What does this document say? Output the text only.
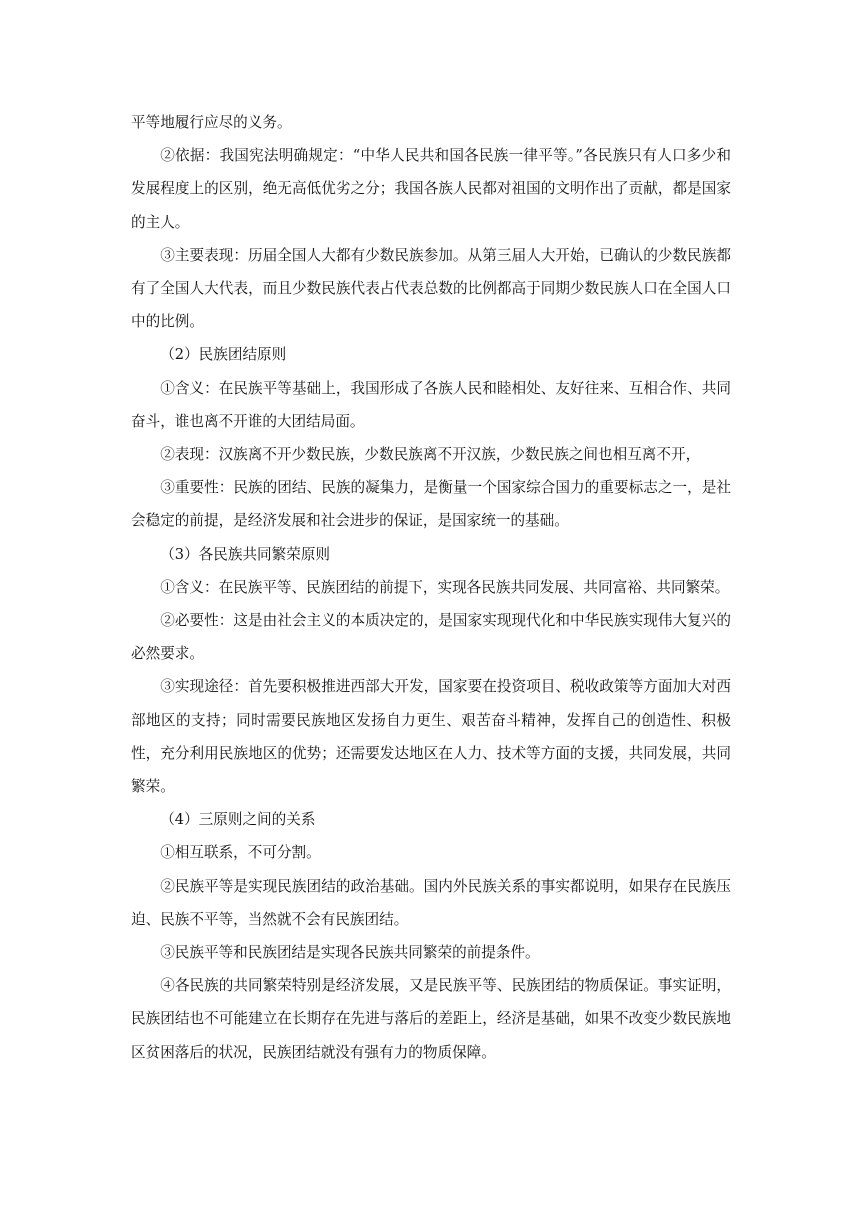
平等地履行应尽的义务。

②依据：我国宪法明确规定：“中华人民共和国各民族一律平等。”各民族只有人口多少和发展程度上的区别，绝无高低优劣之分；我国各族人民都对祖国的文明作出了贡献，都是国家的主人。

③主要表现：历届全国人大都有少数民族参加。从第三届人大开始，已确认的少数民族都有了全国人大代表，而且少数民族代表占代表总数的比例都高于同期少数民族人口在全国人口中的比例。

（2）民族团结原则

①含义：在民族平等基础上，我国形成了各族人民和睦相处、友好往来、互相合作、共同奋斗，谁也离不开谁的大团结局面。

②表现：汉族离不开少数民族，少数民族离不开汉族，少数民族之间也相互离不开，

③重要性：民族的团结、民族的凝集力，是衡量一个国家综合国力的重要标志之一，是社会稳定的前提，是经济发展和社会进步的保证，是国家统一的基础。

（3）各民族共同繁荣原则

①含义：在民族平等、民族团结的前提下，实现各民族共同发展、共同富裕、共同繁荣。

②必要性：这是由社会主义的本质决定的，是国家实现现代化和中华民族实现伟大复兴的必然要求。

③实现途径：首先要积极推进西部大开发，国家要在投资项目、税收政策等方面加大对西部地区的支持；同时需要民族地区发扬自力更生、艰苦奋斗精神，发挥自己的创造性、积极性，充分利用民族地区的优势；还需要发达地区在人力、技术等方面的支援，共同发展，共同繁荣。

（4）三原则之间的关系

①相互联系，不可分割。

②民族平等是实现民族团结的政治基础。国内外民族关系的事实都说明，如果存在民族压迫、民族不平等，当然就不会有民族团结。

③民族平等和民族团结是实现各民族共同繁荣的前提条件。

④各民族的共同繁荣特别是经济发展，又是民族平等、民族团结的物质保证。事实证明，民族团结也不可能建立在长期存在先进与落后的差距上，经济是基础，如果不改变少数民族地区贫困落后的状况，民族团结就没有强有力的物质保障。
